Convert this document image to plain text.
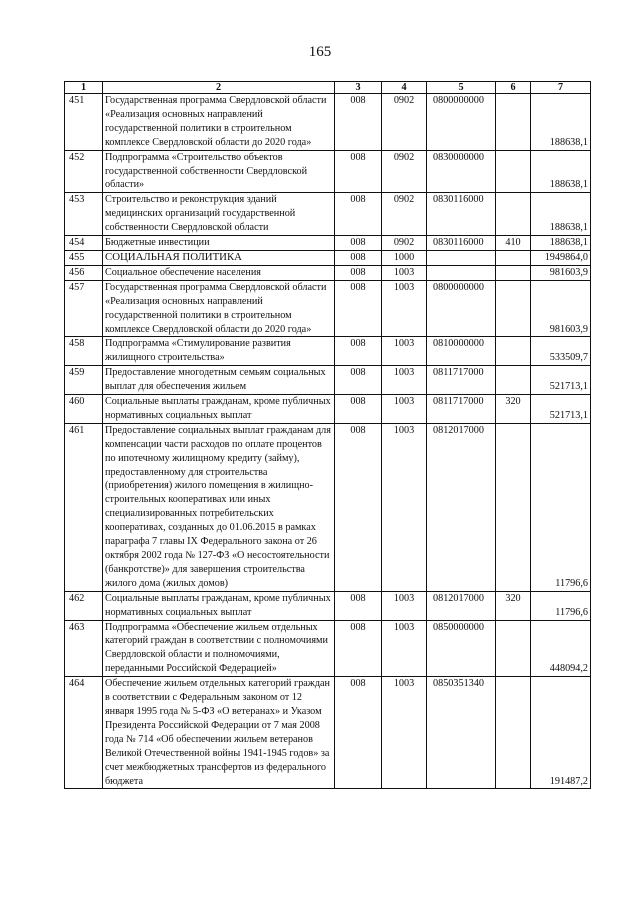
165
1	2	3	4	5	6	7
451	Государственная программа Свердловской области «Реализация основных направлений государственной политики в строительном комплексе Свердловской области до 2020 года»	008	0902	0800000000		188638,1
452	Подпрограмма «Строительство объектов государственной собственности Свердловской области»	008	0902	0830000000		188638,1
453	Строительство и реконструкция зданий медицинских организаций государственной собственности Свердловской области	008	0902	0830116000		188638,1
454	Бюджетные инвестиции	008	0902	0830116000	410	188638,1
455	СОЦИАЛЬНАЯ ПОЛИТИКА	008	1000			1949864,0
456	Социальное обеспечение населения	008	1003			981603,9
457	Государственная программа Свердловской области «Реализация основных направлений государственной политики в строительном комплексе Свердловской области до 2020 года»	008	1003	0800000000		981603,9
458	Подпрограмма «Стимулирование развития жилищного строительства»	008	1003	0810000000		533509,7
459	Предоставление многодетным семьям социальных выплат для обеспечения жильем	008	1003	0811717000		521713,1
460	Социальные выплаты гражданам, кроме публичных нормативных социальных выплат	008	1003	0811717000	320	521713,1
461	Предоставление социальных выплат гражданам для компенсации части расходов по оплате процентов по ипотечному жилищному кредиту (займу), предоставленному для строительства (приобретения) жилого помещения в жилищно-строительных кооперативах или иных специализированных потребительских кооперативах, созданных до 01.06.2015 в рамках параграфа 7 главы IX Федерального закона от 26 октября 2002 года № 127-ФЗ «О несостоятельности (банкротстве)» для завершения строительства жилого дома (жилых домов)	008	1003	0812017000		11796,6
462	Социальные выплаты гражданам, кроме публичных нормативных социальных выплат	008	1003	0812017000	320	11796,6
463	Подпрограмма «Обеспечение жильем отдельных категорий граждан в соответствии с полномочиями Свердловской области и полномочиями, переданными Российской Федерацией»	008	1003	0850000000		448094,2
464	Обеспечение жильем отдельных категорий граждан в соответствии с Федеральным законом от 12 января 1995 года № 5-ФЗ «О ветеранах» и Указом Президента Российской Федерации от 7 мая 2008 года № 714 «Об обеспечении жильем ветеранов Великой Отечественной войны 1941-1945 годов» за счет межбюджетных трансфертов из федерального бюджета	008	1003	0850351340		191487,2
